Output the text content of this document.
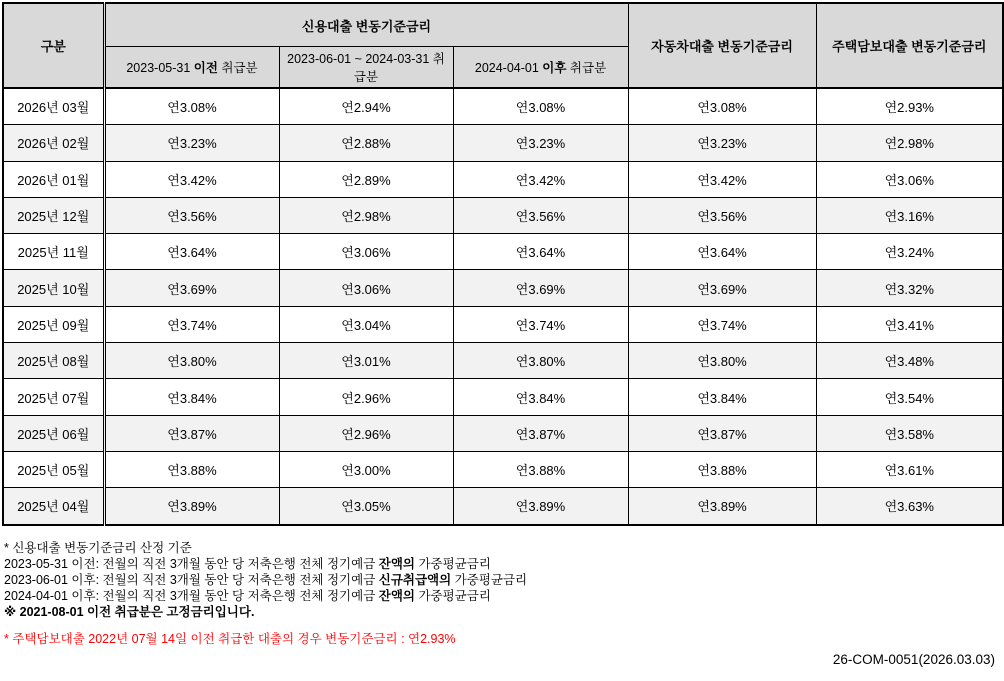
구분	신용대출 변동기준금리			자동차대출 변동기준금리	주택담보대출 변동기준금리
	2023-05-31 이전 취급분	2023-06-01 ~ 2024-03-31 취급분	2024-04-01 이후 취급분		
2026년 03월	연3.08%	연2.94%	연3.08%	연3.08%	연2.93%
2026년 02월	연3.23%	연2.88%	연3.23%	연3.23%	연2.98%
2026년 01월	연3.42%	연2.89%	연3.42%	연3.42%	연3.06%
2025년 12월	연3.56%	연2.98%	연3.56%	연3.56%	연3.16%
2025년 11월	연3.64%	연3.06%	연3.64%	연3.64%	연3.24%
2025년 10월	연3.69%	연3.06%	연3.69%	연3.69%	연3.32%
2025년 09월	연3.74%	연3.04%	연3.74%	연3.74%	연3.41%
2025년 08월	연3.80%	연3.01%	연3.80%	연3.80%	연3.48%
2025년 07월	연3.84%	연2.96%	연3.84%	연3.84%	연3.54%
2025년 06월	연3.87%	연2.96%	연3.87%	연3.87%	연3.58%
2025년 05월	연3.88%	연3.00%	연3.88%	연3.88%	연3.61%
2025년 04월	연3.89%	연3.05%	연3.89%	연3.89%	연3.63%
* 신용대출 변동기준금리 산정 기준
2023-05-31 이전: 전월의 직전 3개월 동안 당 저축은행 전체 정기예금 잔액의 가중평균금리
2023-06-01 이후: 전월의 직전 3개월 동안 당 저축은행 전체 정기예금 신규취급액의 가중평균금리
2024-04-01 이후: 전월의 직전 3개월 동안 당 저축은행 전체 정기예금 잔액의 가중평균금리
※ 2021-08-01 이전 취급분은 고정금리입니다.
* 주택담보대출 2022년 07월 14일 이전 취급한 대출의 경우 변동기준금리 : 연2.93%
26-COM-0051(2026.03.03)
